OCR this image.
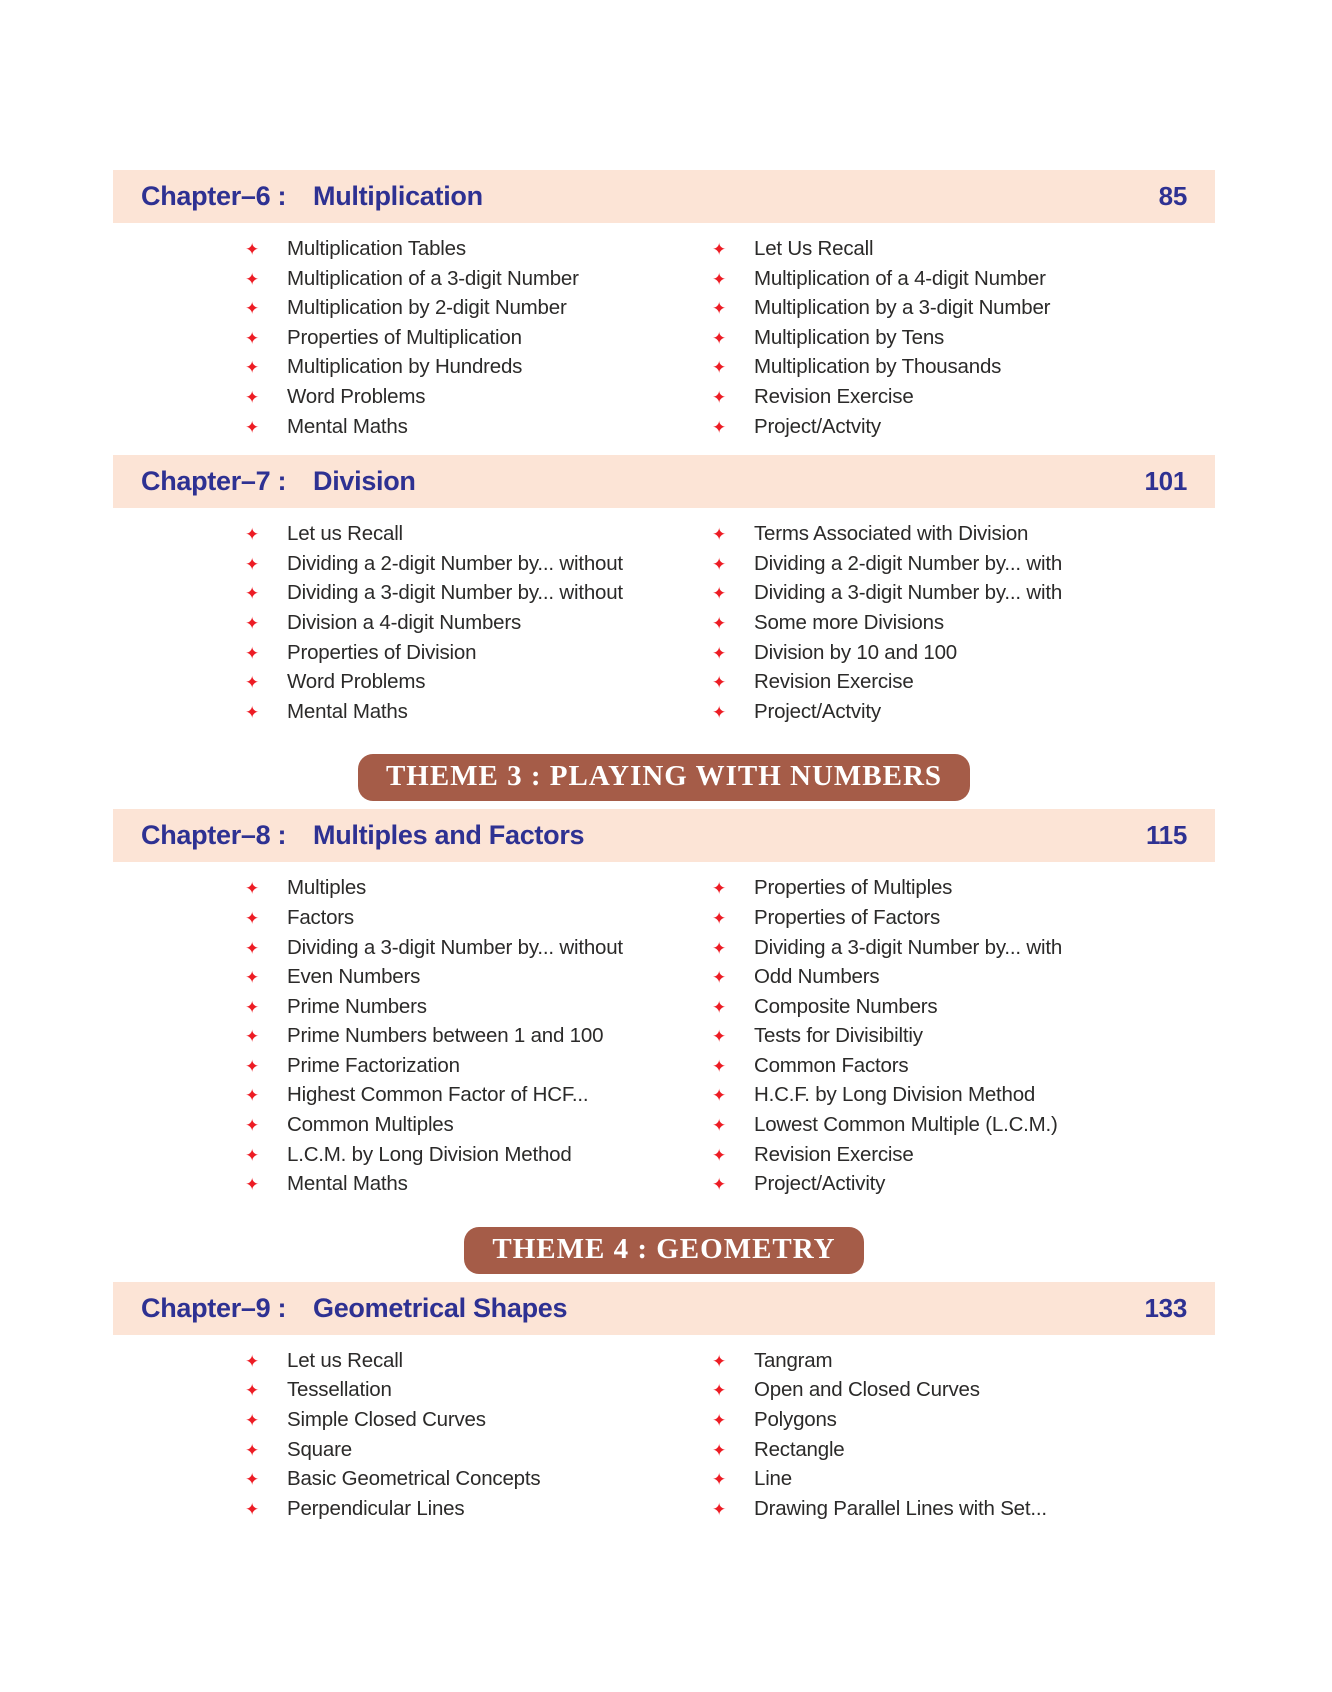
Chapter–6 : Multiplication	85
✦	Multiplication Tables
✦	Multiplication of a 3-digit Number
✦	Multiplication by 2-digit Number
✦	Properties of Multiplication
✦	Multiplication by Hundreds
✦	Word Problems
✦	Mental Maths
✦	Let Us Recall
✦	Multiplication of a 4-digit Number
✦	Multiplication by a 3-digit Number
✦	Multiplication by Tens
✦	Multiplication by Thousands
✦	Revision Exercise
✦	Project/Actvity
Chapter–7 : Division	101
✦	Let us Recall
✦	Dividing a 2-digit Number by... without
✦	Dividing a 3-digit Number by... without
✦	Division a 4-digit Numbers
✦	Properties of Division
✦	Word Problems
✦	Mental Maths
✦	Terms Associated with Division
✦	Dividing a 2-digit Number by... with
✦	Dividing a 3-digit Number by... with
✦	Some more Divisions
✦	Division by 10 and 100
✦	Revision Exercise
✦	Project/Actvity
THEME 3 : PLAYING WITH NUMBERS
Chapter–8 : Multiples and Factors	115
✦	Multiples
✦	Factors
✦	Dividing a 3-digit Number by... without
✦	Even Numbers
✦	Prime Numbers
✦	Prime Numbers between 1 and 100
✦	Prime Factorization
✦	Highest Common Factor of HCF...
✦	Common Multiples
✦	L.C.M. by Long Division Method
✦	Mental Maths
✦	Properties of Multiples
✦	Properties of Factors
✦	Dividing a 3-digit Number by... with
✦	Odd Numbers
✦	Composite Numbers
✦	Tests for Divisibiltiy
✦	Common Factors
✦	H.C.F. by Long Division Method
✦	Lowest Common Multiple (L.C.M.)
✦	Revision Exercise
✦	Project/Activity
THEME 4 : GEOMETRY
Chapter–9 : Geometrical Shapes	133
✦	Let us Recall
✦	Tessellation
✦	Simple Closed Curves
✦	Square
✦	Basic Geometrical Concepts
✦	Perpendicular Lines
✦	Tangram
✦	Open and Closed Curves
✦	Polygons
✦	Rectangle
✦	Line
✦	Drawing Parallel Lines with Set...
